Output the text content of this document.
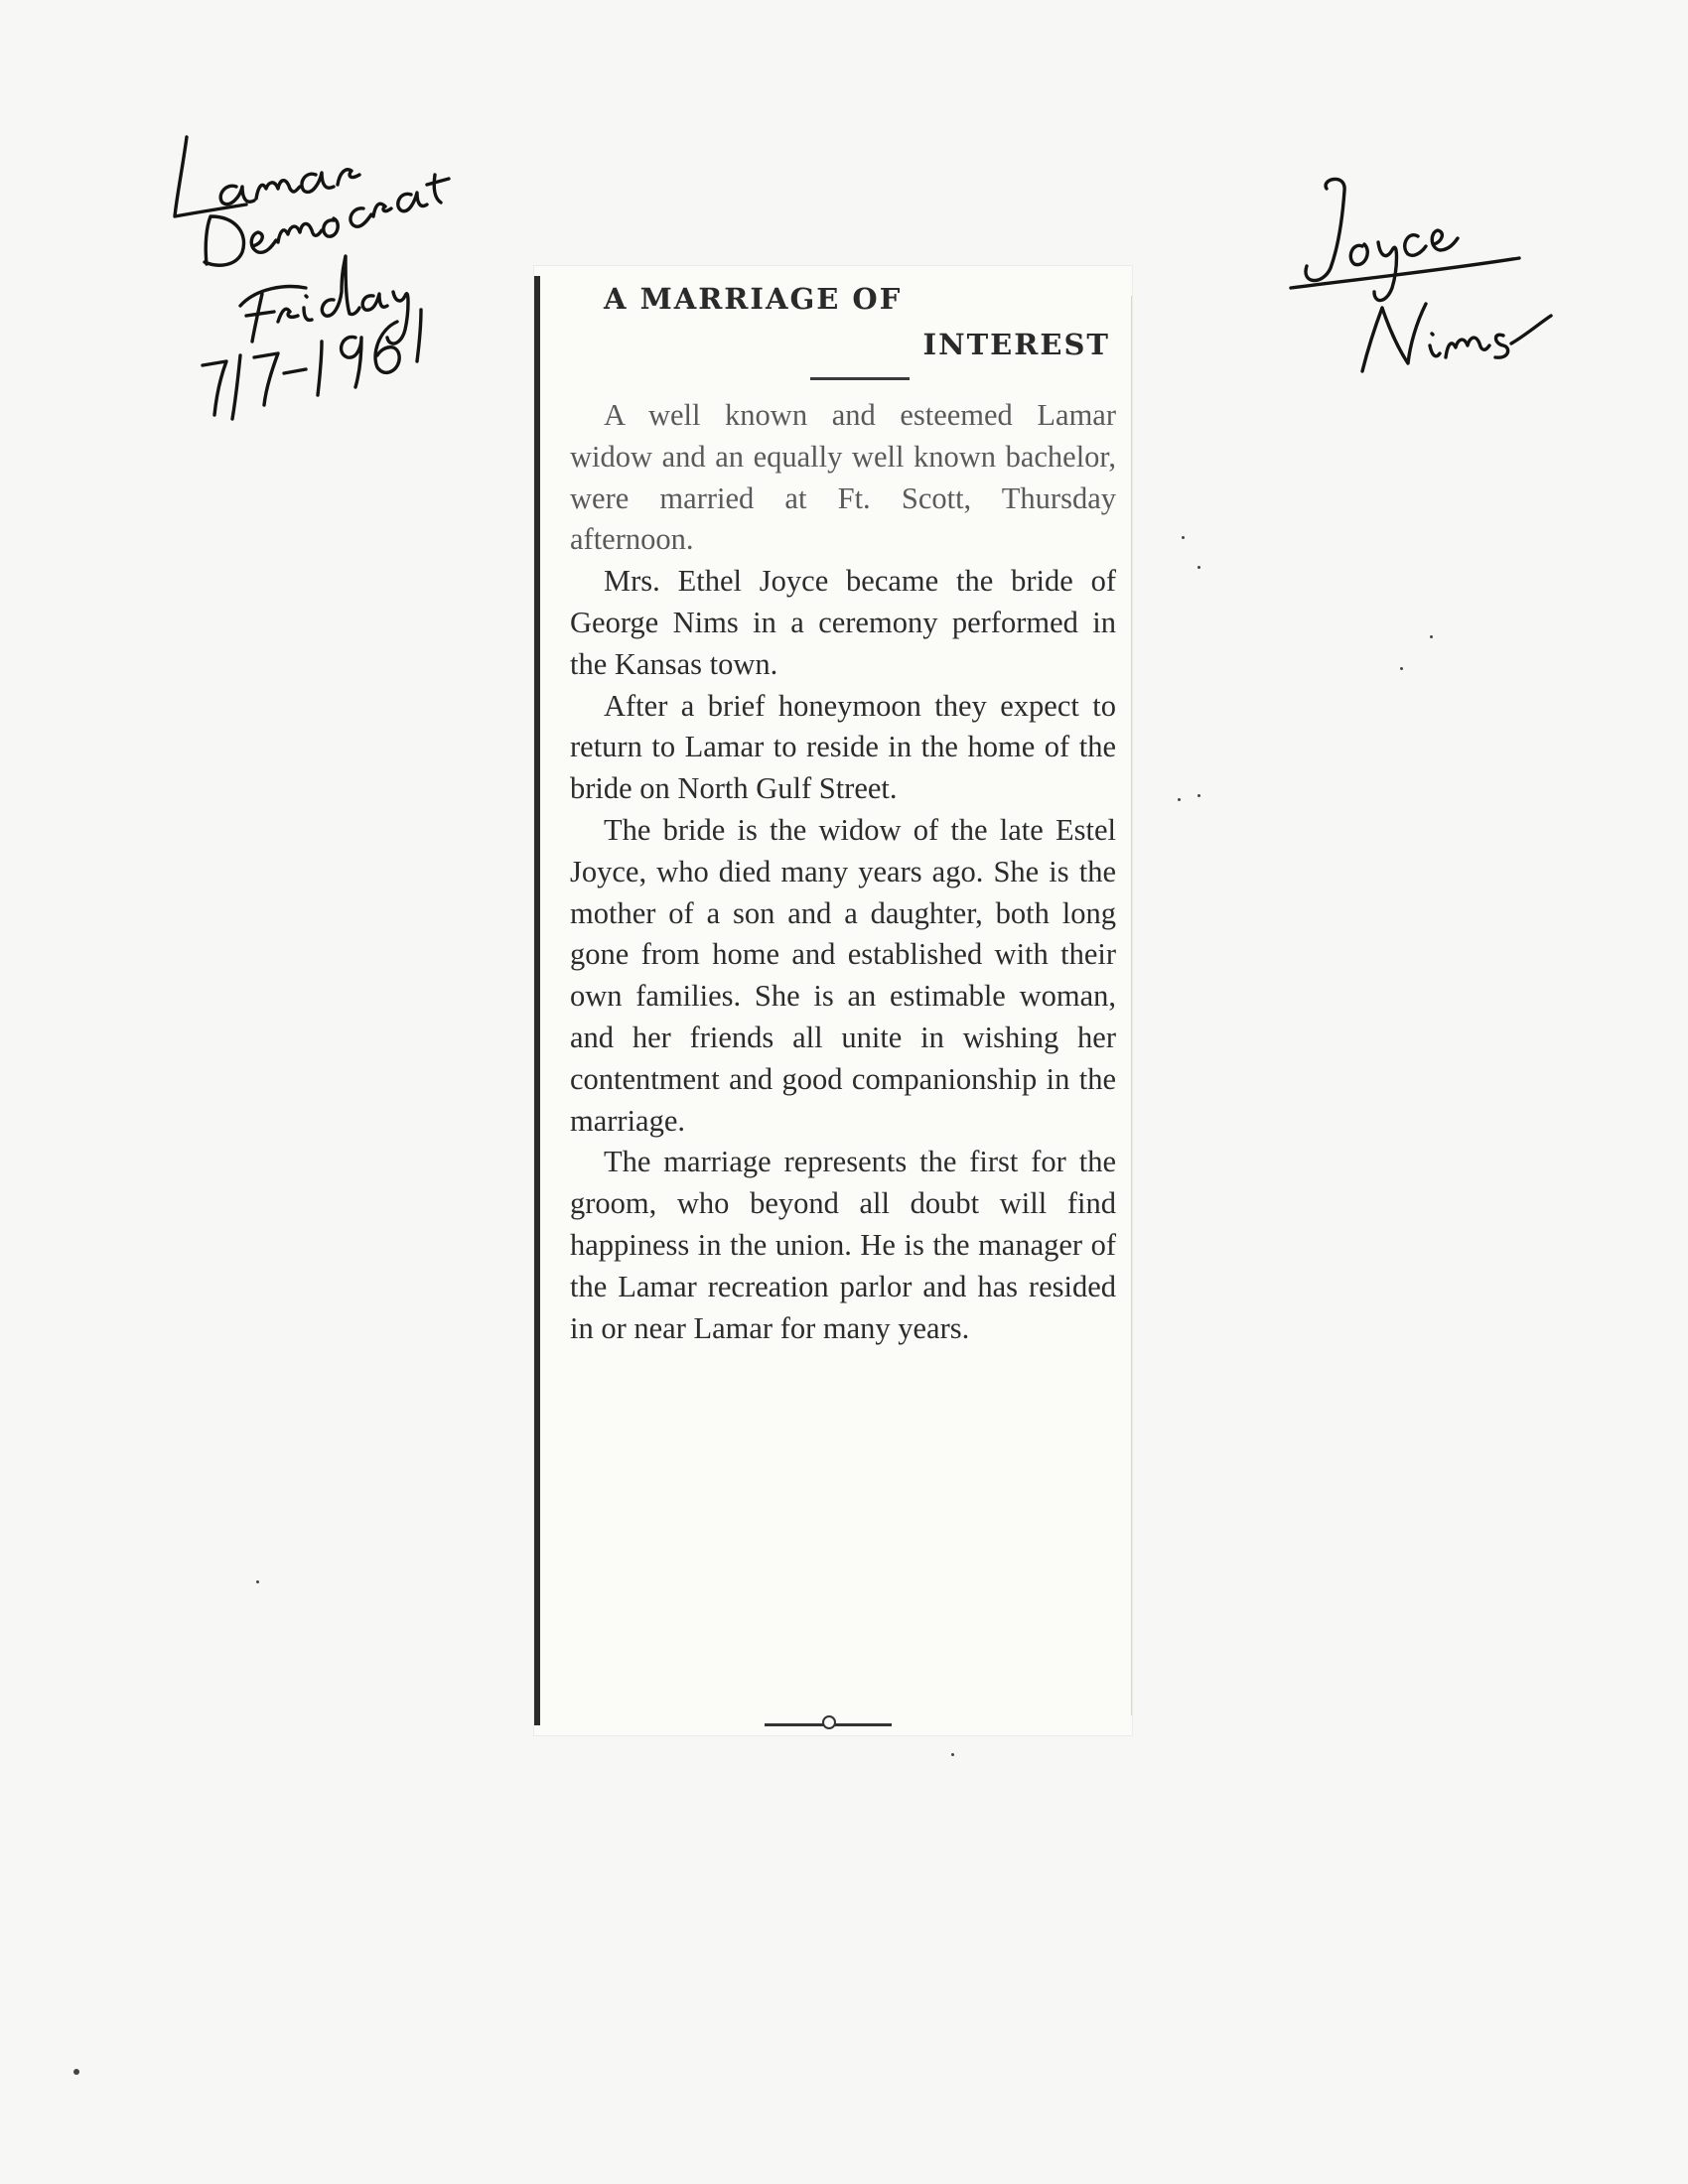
A MARRIAGE OF
INTEREST

A well known and esteemed Lamar widow and an equally well known bachelor, were married at Ft. Scott, Thursday afternoon.

Mrs. Ethel Joyce became the bride of George Nims in a ceremony performed in the Kansas town.

After a brief honeymoon they expect to return to Lamar to reside in the home of the bride on North Gulf Street.

The bride is the widow of the late Estel Joyce, who died many years ago. She is the mother of a son and a daughter, both long gone from home and established with their own families. She is an estimable woman, and her friends all unite in wishing her contentment and good companionship in the marriage.

The marriage represents the first for the groom, who beyond all doubt will find happiness in the union. He is the manager of the Lamar recreation parlor and has resided in or near Lamar for many years.
